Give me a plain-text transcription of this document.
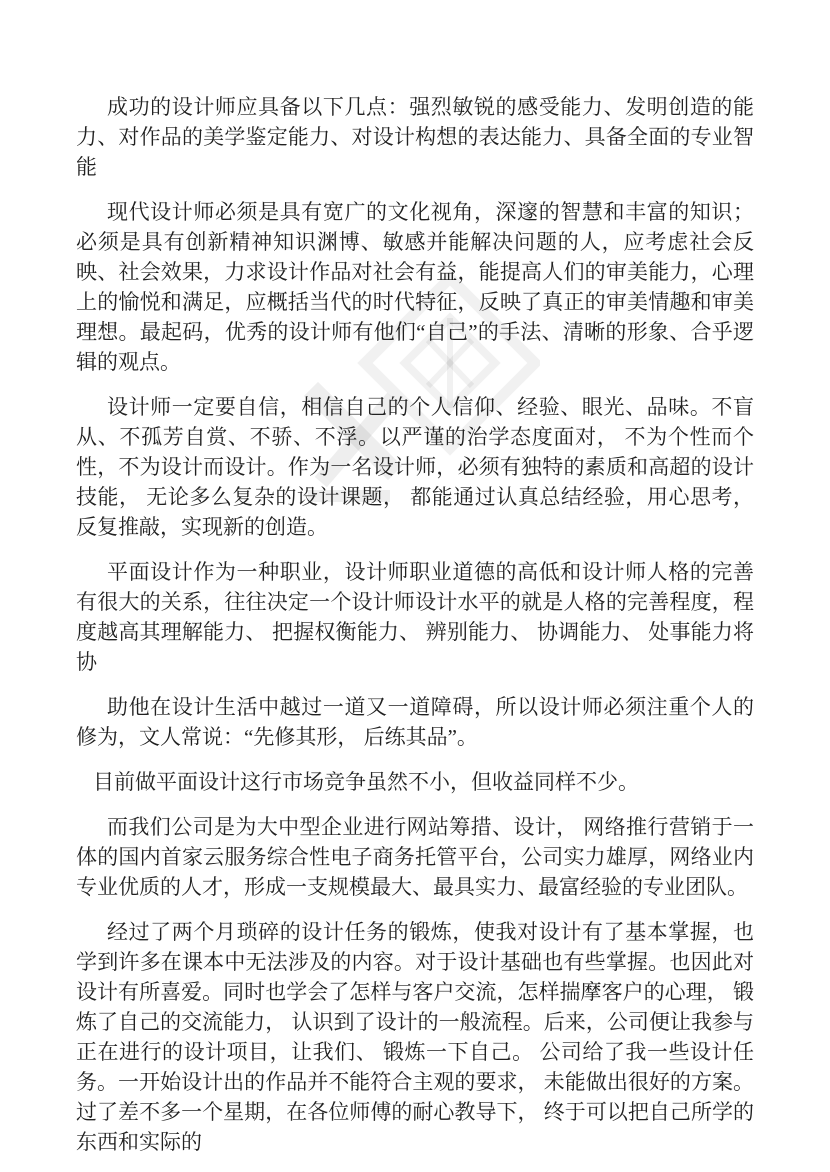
成功的设计师应具备以下几点：强烈敏锐的感受能力、发明创造的能力、对作品的美学鉴定能力、对设计构想的表达能力、具备全面的专业智能

现代设计师必须是具有宽广的文化视角，深邃的智慧和丰富的知识；必须是具有创新精神知识渊博、敏感并能解决问题的人，应考虑社会反映、社会效果，力求设计作品对社会有益，能提高人们的审美能力，心理上的愉悦和满足，应概括当代的时代特征，反映了真正的审美情趣和审美理想。最起码，优秀的设计师有他们“自己”的手法、清晰的形象、合乎逻辑的观点。

设计师一定要自信，相信自己的个人信仰、经验、眼光、品味。不盲从、不孤芳自赏、不骄、不浮。以严谨的治学态度面对， 不为个性而个性，不为设计而设计。作为一名设计师，必须有独特的素质和高超的设计技能， 无论多么复杂的设计课题， 都能通过认真总结经验，用心思考，反复推敲，实现新的创造。

平面设计作为一种职业，设计师职业道德的高低和设计师人格的完善有很大的关系，往往决定一个设计师设计水平的就是人格的完善程度，程度越高其理解能力、 把握权衡能力、 辨别能力、 协调能力、 处事能力将协

助他在设计生活中越过一道又一道障碍，所以设计师必须注重个人的修为，文人常说：“先修其形， 后练其品”。

目前做平面设计这行市场竞争虽然不小，但收益同样不少。

而我们公司是为大中型企业进行网站筹措、设计， 网络推行营销于一体的国内首家云服务综合性电子商务托管平台，公司实力雄厚，网络业内专业优质的人才，形成一支规模最大、最具实力、最富经验的专业团队。

经过了两个月琐碎的设计任务的锻炼，使我对设计有了基本掌握，也学到许多在课本中无法涉及的内容。对于设计基础也有些掌握。也因此对设计有所喜爱。同时也学会了怎样与客户交流，怎样揣摩客户的心理， 锻炼了自己的交流能力， 认识到了设计的一般流程。后来，公司便让我参与正在进行的设计项目，让我们、 锻炼一下自己。 公司给了我一些设计任务。一开始设计出的作品并不能符合主观的要求， 未能做出很好的方案。过了差不多一个星期，在各位师傅的耐心教导下， 终于可以把自己所学的东西和实际的
